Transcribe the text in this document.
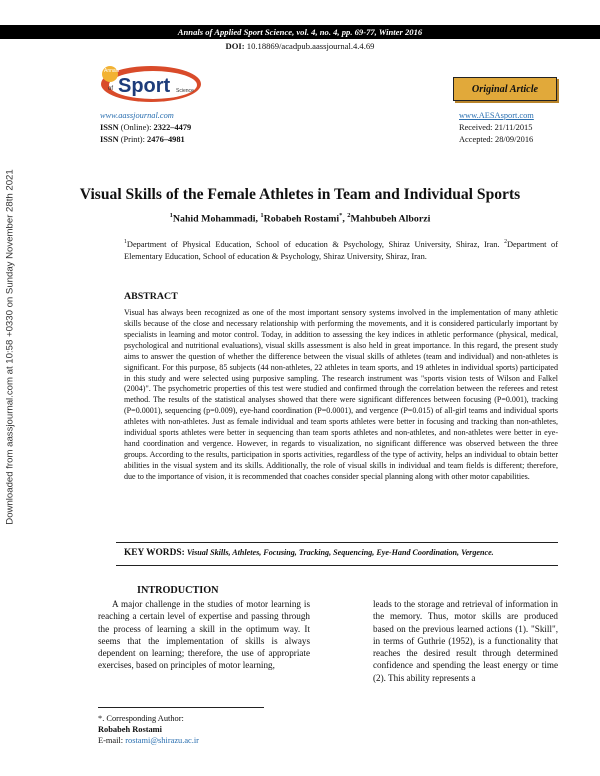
Annals of Applied Sport Science, vol. 4, no. 4, pp. 69-77, Winter 2016
DOI: 10.18869/acadpub.aassjournal.4.4.69
Downloaded from aassjournal.com at 10:58 +0330 on Sunday November 28th 2021
Annals
of Sport Science
www.aassjournal.com
ISSN (Online): 2322–4479
ISSN (Print): 2476–4981
Original Article
www.AESAsport.com
Received: 21/11/2015
Accepted: 28/09/2016
Visual Skills of the Female Athletes in Team and Individual Sports
$^1$Nahid Mohammadi, $^1$Robabeh Rostami*, $^2$Mahbubeh Alborzi
$^1$Department of Physical Education, School of education & Psychology, Shiraz University, Shiraz, Iran. $^2$Department of Elementary Education, School of education & Psychology, Shiraz University, Shiraz, Iran.
ABSTRACT
Visual has always been recognized as one of the most important sensory systems involved in the implementation of many athletic skills because of the close and necessary relationship with performing the movements, and it is considered particularly important by specialists in learning and motor control. Today, in addition to assessing the key indices in athletic performance (physical, medical, psychological and nutritional evaluations), visual skills assessment is also held in great importance. In this regard, the present study aims to answer the question of whether the difference between the visual skills of athletes (team and individual) and non-athletes is significant. For this purpose, 85 subjects (44 non-athletes, 22 athletes in team sports, and 19 athletes in individual sports) participated in this study and were selected using purposive sampling. The research instrument was "sports vision tests of Wilson and Falkel (2004)". The psychometric properties of this test were studied and confirmed through the correlation between the referees and retest method. The results of the statistical analyses showed that there were significant differences between focusing (P=0.001), tracking (P=0.0001), sequencing (p=0.009), eye-hand coordination (P=0.0001), and vergence (P=0.015) of all-girl teams and individual sports athletes with non-athletes. Just as female individual and team sports athletes were better in focusing and tracking than non-athletes, individual sports athletes were better in sequencing than team sports athletes and non-athletes, and non-athletes were better in eye-hand coordination and vergence. However, in regards to visualization, no significant difference was observed between the three groups. According to the results, participation in sports activities, regardless of the type of activity, helps an individual to obtain better abilities in the visual system and its skills. Additionally, the role of visual skills in individual and team fields is different; therefore, due to the importance of vision, it is recommended that coaches consider special planning along with other motor capabilities.
KEY WORDS: Visual Skills, Athletes, Focusing, Tracking, Sequencing, Eye-Hand Coordination, Vergence.
INTRODUCTION
A major challenge in the studies of motor learning is reaching a certain level of expertise and passing through the process of learning a skill in the optimum way. It seems that the implementation of skills is always dependent on learning; therefore, the use of appropriate exercises, based on principles of motor learning,
leads to the storage and retrieval of information in the memory. Thus, motor skills are produced based on the previous learned actions (1). "Skill", in terms of Guthrie (1952), is a functionality that reaches the desired result through determined confidence and spending the least energy or time (2). This ability represents a
*. Corresponding Author:
Robabeh Rostami
E-mail: rostami@shirazu.ac.ir
